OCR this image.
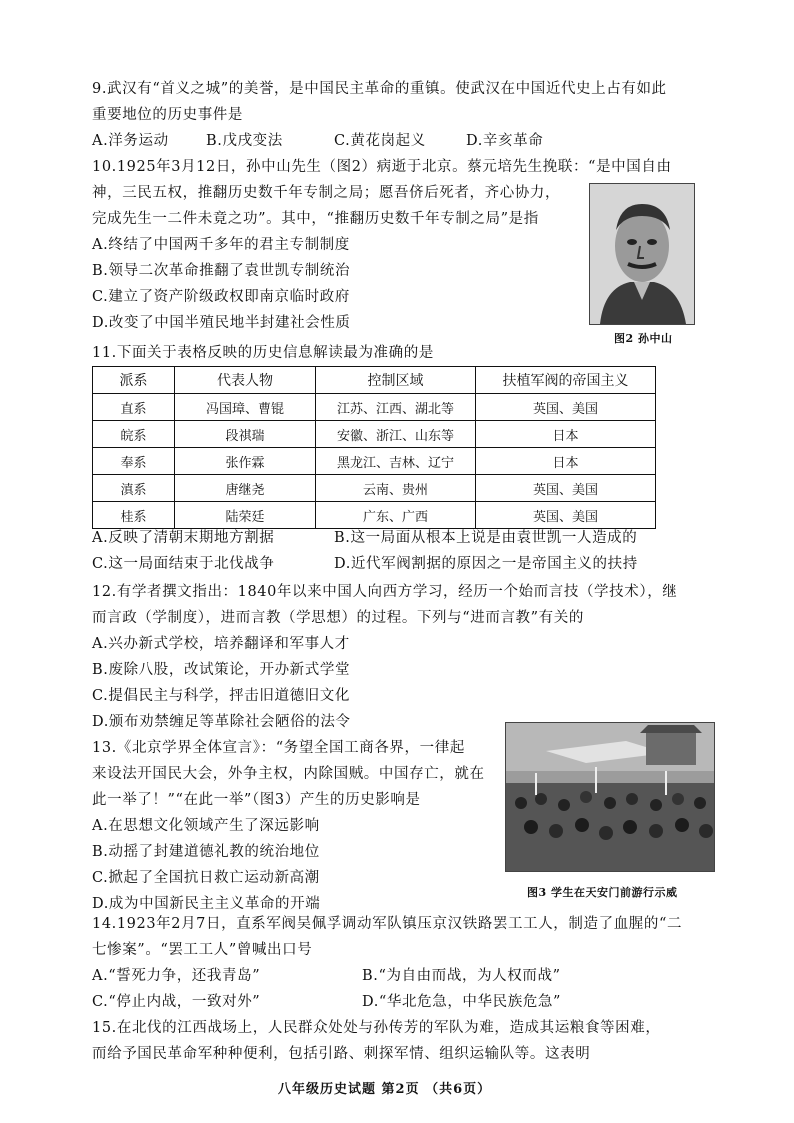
9.武汉有“首义之城”的美誉，是中国民主革命的重镇。使武汉在中国近代史上占有如此
重要地位的历史事件是
A.洋务运动	B.戊戌变法	C.黄花岗起义	D.辛亥革命
10.1925年3月12日，孙中山先生（图2）病逝于北京。蔡元培先生挽联：“是中国自由
神，三民五权，推翻历史数千年专制之局；愿吾侪后死者，齐心协力，
完成先生一二件未竟之功”。其中，“推翻历史数千年专制之局”是指
A.终结了中国两千多年的君主专制制度
B.领导二次革命推翻了袁世凯专制统治
C.建立了资产阶级政权即南京临时政府
D.改变了中国半殖民地半封建社会性质
图2 孙中山
11.下面关于表格反映的历史信息解读最为准确的是
派系	代表人物	控制区域	扶植军阀的帝国主义
直系	冯国璋、曹锟	江苏、江西、湖北等	英国、美国
皖系	段祺瑞	安徽、浙江、山东等	日本
奉系	张作霖	黑龙江、吉林、辽宁	日本
滇系	唐继尧	云南、贵州	英国、美国
桂系	陆荣廷	广东、广西	英国、美国
A.反映了清朝末期地方割据	B.这一局面从根本上说是由袁世凯一人造成的
C.这一局面结束于北伐战争	D.近代军阀割据的原因之一是帝国主义的扶持
12.有学者撰文指出：1840年以来中国人向西方学习，经历一个始而言技（学技术），继
而言政（学制度），进而言教（学思想）的过程。下列与“进而言教”有关的
A.兴办新式学校，培养翻译和军事人才
B.废除八股，改试策论，开办新式学堂
C.提倡民主与科学，抨击旧道德旧文化
D.颁布劝禁缠足等革除社会陋俗的法令
13.《北京学界全体宣言》：“务望全国工商各界，一律起
来设法开国民大会，外争主权，内除国贼。中国存亡，就在
此一举了！”“在此一举”（图3）产生的历史影响是
A.在思想文化领域产生了深远影响
B.动摇了封建道德礼教的统治地位
C.掀起了全国抗日救亡运动新高潮
D.成为中国新民主主义革命的开端
图3 学生在天安门前游行示威
14.1923年2月7日，直系军阀吴佩孚调动军队镇压京汉铁路罢工工人，制造了血腥的“二
七惨案”。“罢工工人”曾喊出口号
A.“誓死力争，还我青岛”	B.“为自由而战，为人权而战”
C.“停止内战，一致对外”	D.“华北危急，中华民族危急”
15.在北伐的江西战场上，人民群众处处与孙传芳的军队为难，造成其运粮食等困难，
而给予国民革命军种种便利，包括引路、刺探军情、组织运输队等。这表明
八年级历史试题 第2页 （共6页）
